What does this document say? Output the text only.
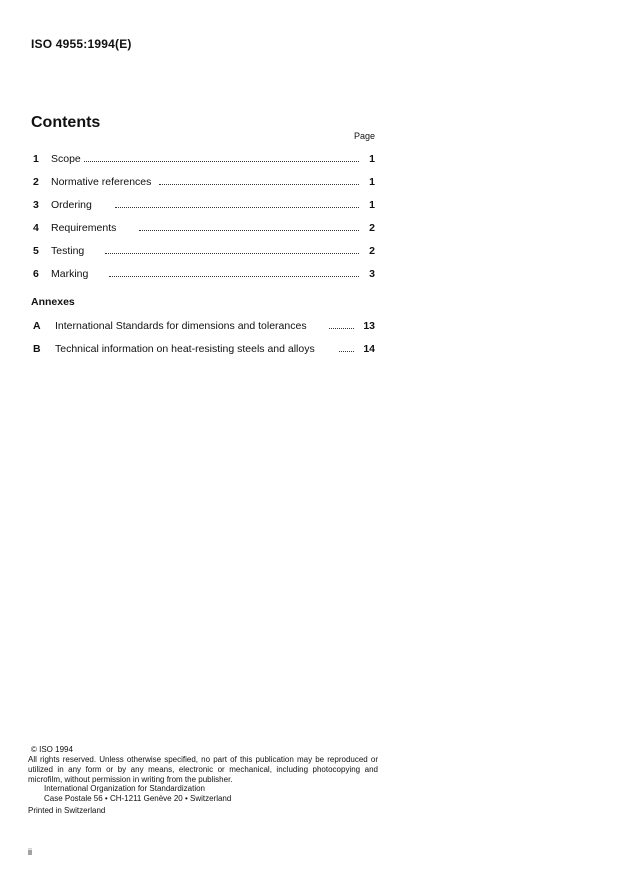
ISO 4955:1994(E)
Contents
Page
1 Scope	1
2 Normative references	1
3 Ordering	1
4 Requirements	2
5 Testing	2
6 Marking	3
Annexes
A International Standards for dimensions and tolerances	13
B Technical information on heat-resisting steels and alloys	14
© ISO 1994
All rights reserved. Unless otherwise specified, no part of this publication may be reproduced or utilized in any form or by any means, electronic or mechanical, including photocopying and microfilm, without permission in writing from the publisher.
International Organization for Standardization
Case Postale 56 • CH-1211 Genève 20 • Switzerland
Printed in Switzerland
ii
